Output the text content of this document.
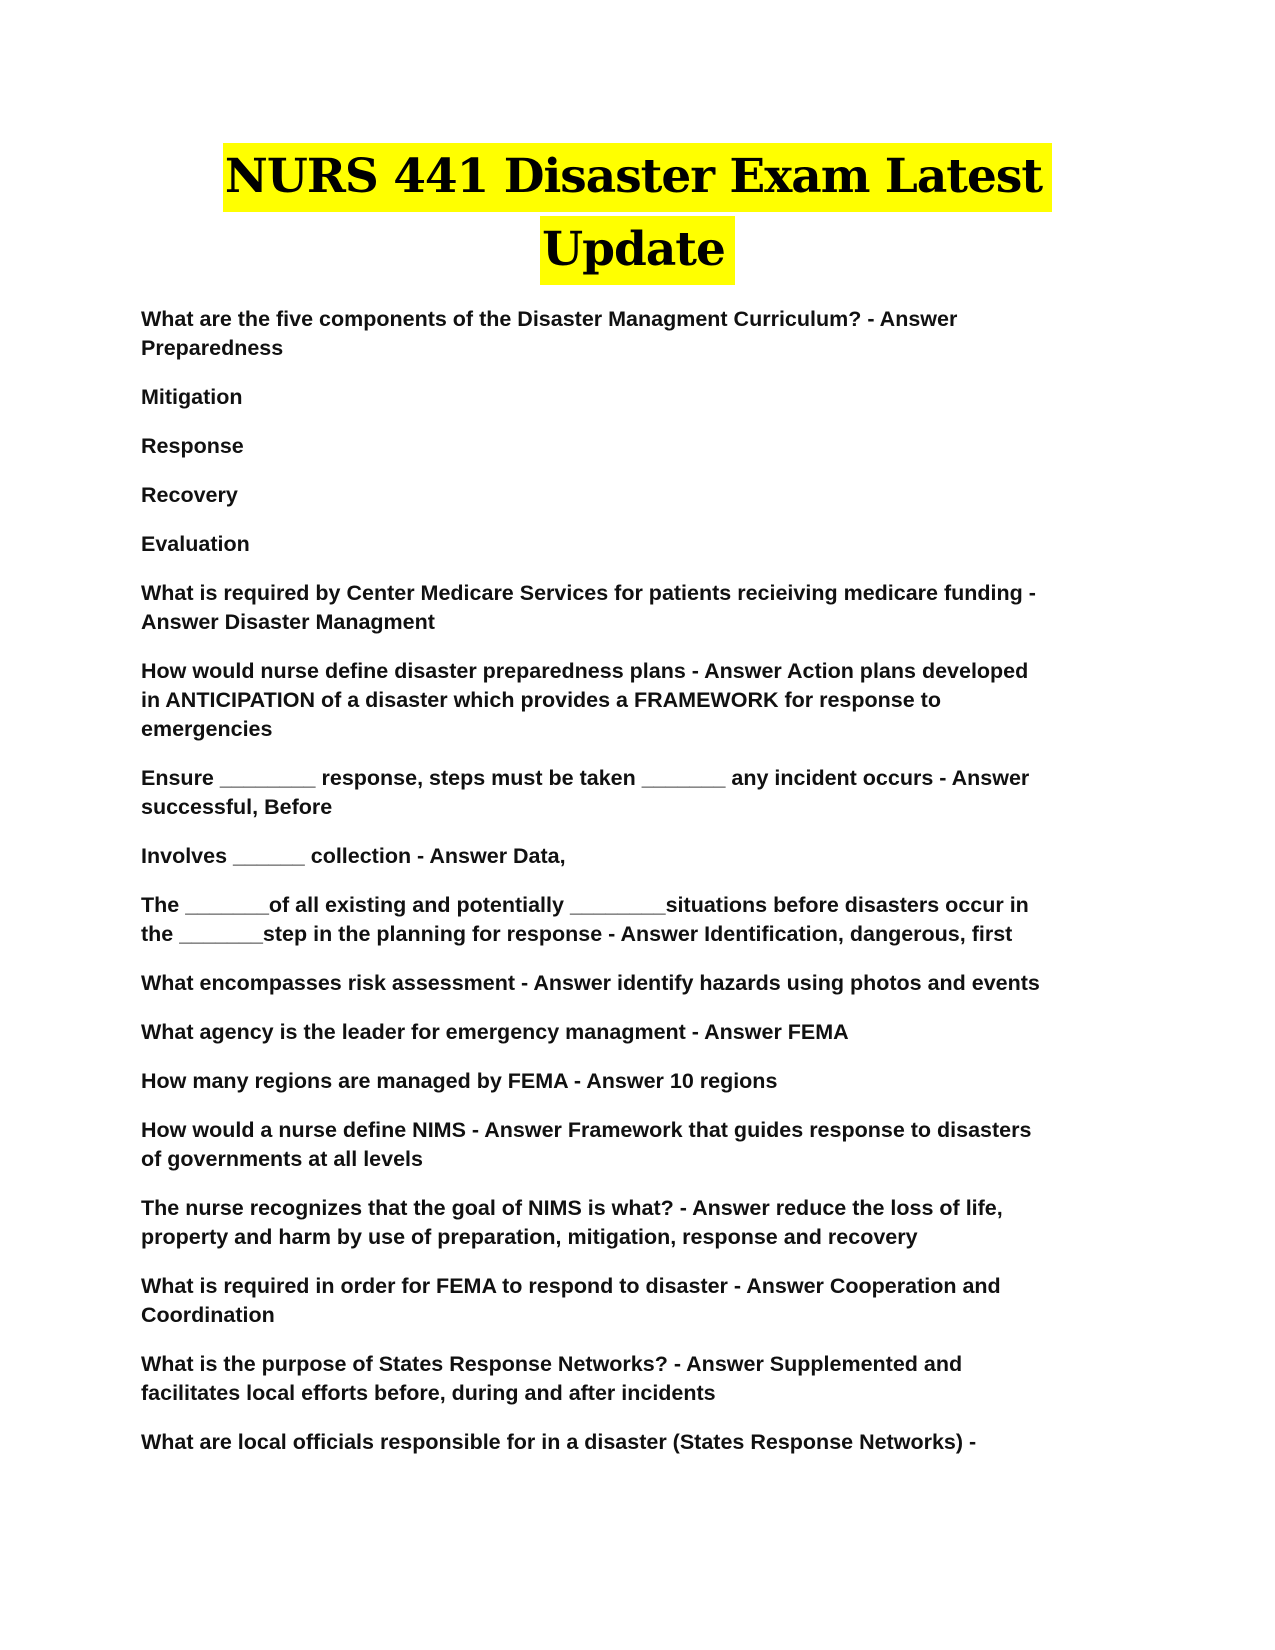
NURS 441 Disaster Exam Latest
Update

What are the five components of the Disaster Managment Curriculum? - Answer
Preparedness

Mitigation

Response

Recovery

Evaluation

What is required by Center Medicare Services for patients recieiving medicare funding -
Answer Disaster Managment

How would nurse define disaster preparedness plans - Answer Action plans developed
in ANTICIPATION of a disaster which provides a FRAMEWORK for response to
emergencies

Ensure ________ response, steps must be taken _______ any incident occurs - Answer
successful, Before

Involves ______ collection - Answer Data,

The _______of all existing and potentially ________situations before disasters occur in
the _______step in the planning for response - Answer Identification, dangerous, first

What encompasses risk assessment - Answer identify hazards using photos and events

What agency is the leader for emergency managment - Answer FEMA

How many regions are managed by FEMA - Answer 10 regions

How would a nurse define NIMS - Answer Framework that guides response to disasters
of governments at all levels

The nurse recognizes that the goal of NIMS is what? - Answer reduce the loss of life,
property and harm by use of preparation, mitigation, response and recovery

What is required in order for FEMA to respond to disaster - Answer Cooperation and
Coordination

What is the purpose of States Response Networks? - Answer Supplemented and
facilitates local efforts before, during and after incidents

What are local officials responsible for in a disaster (States Response Networks) -
